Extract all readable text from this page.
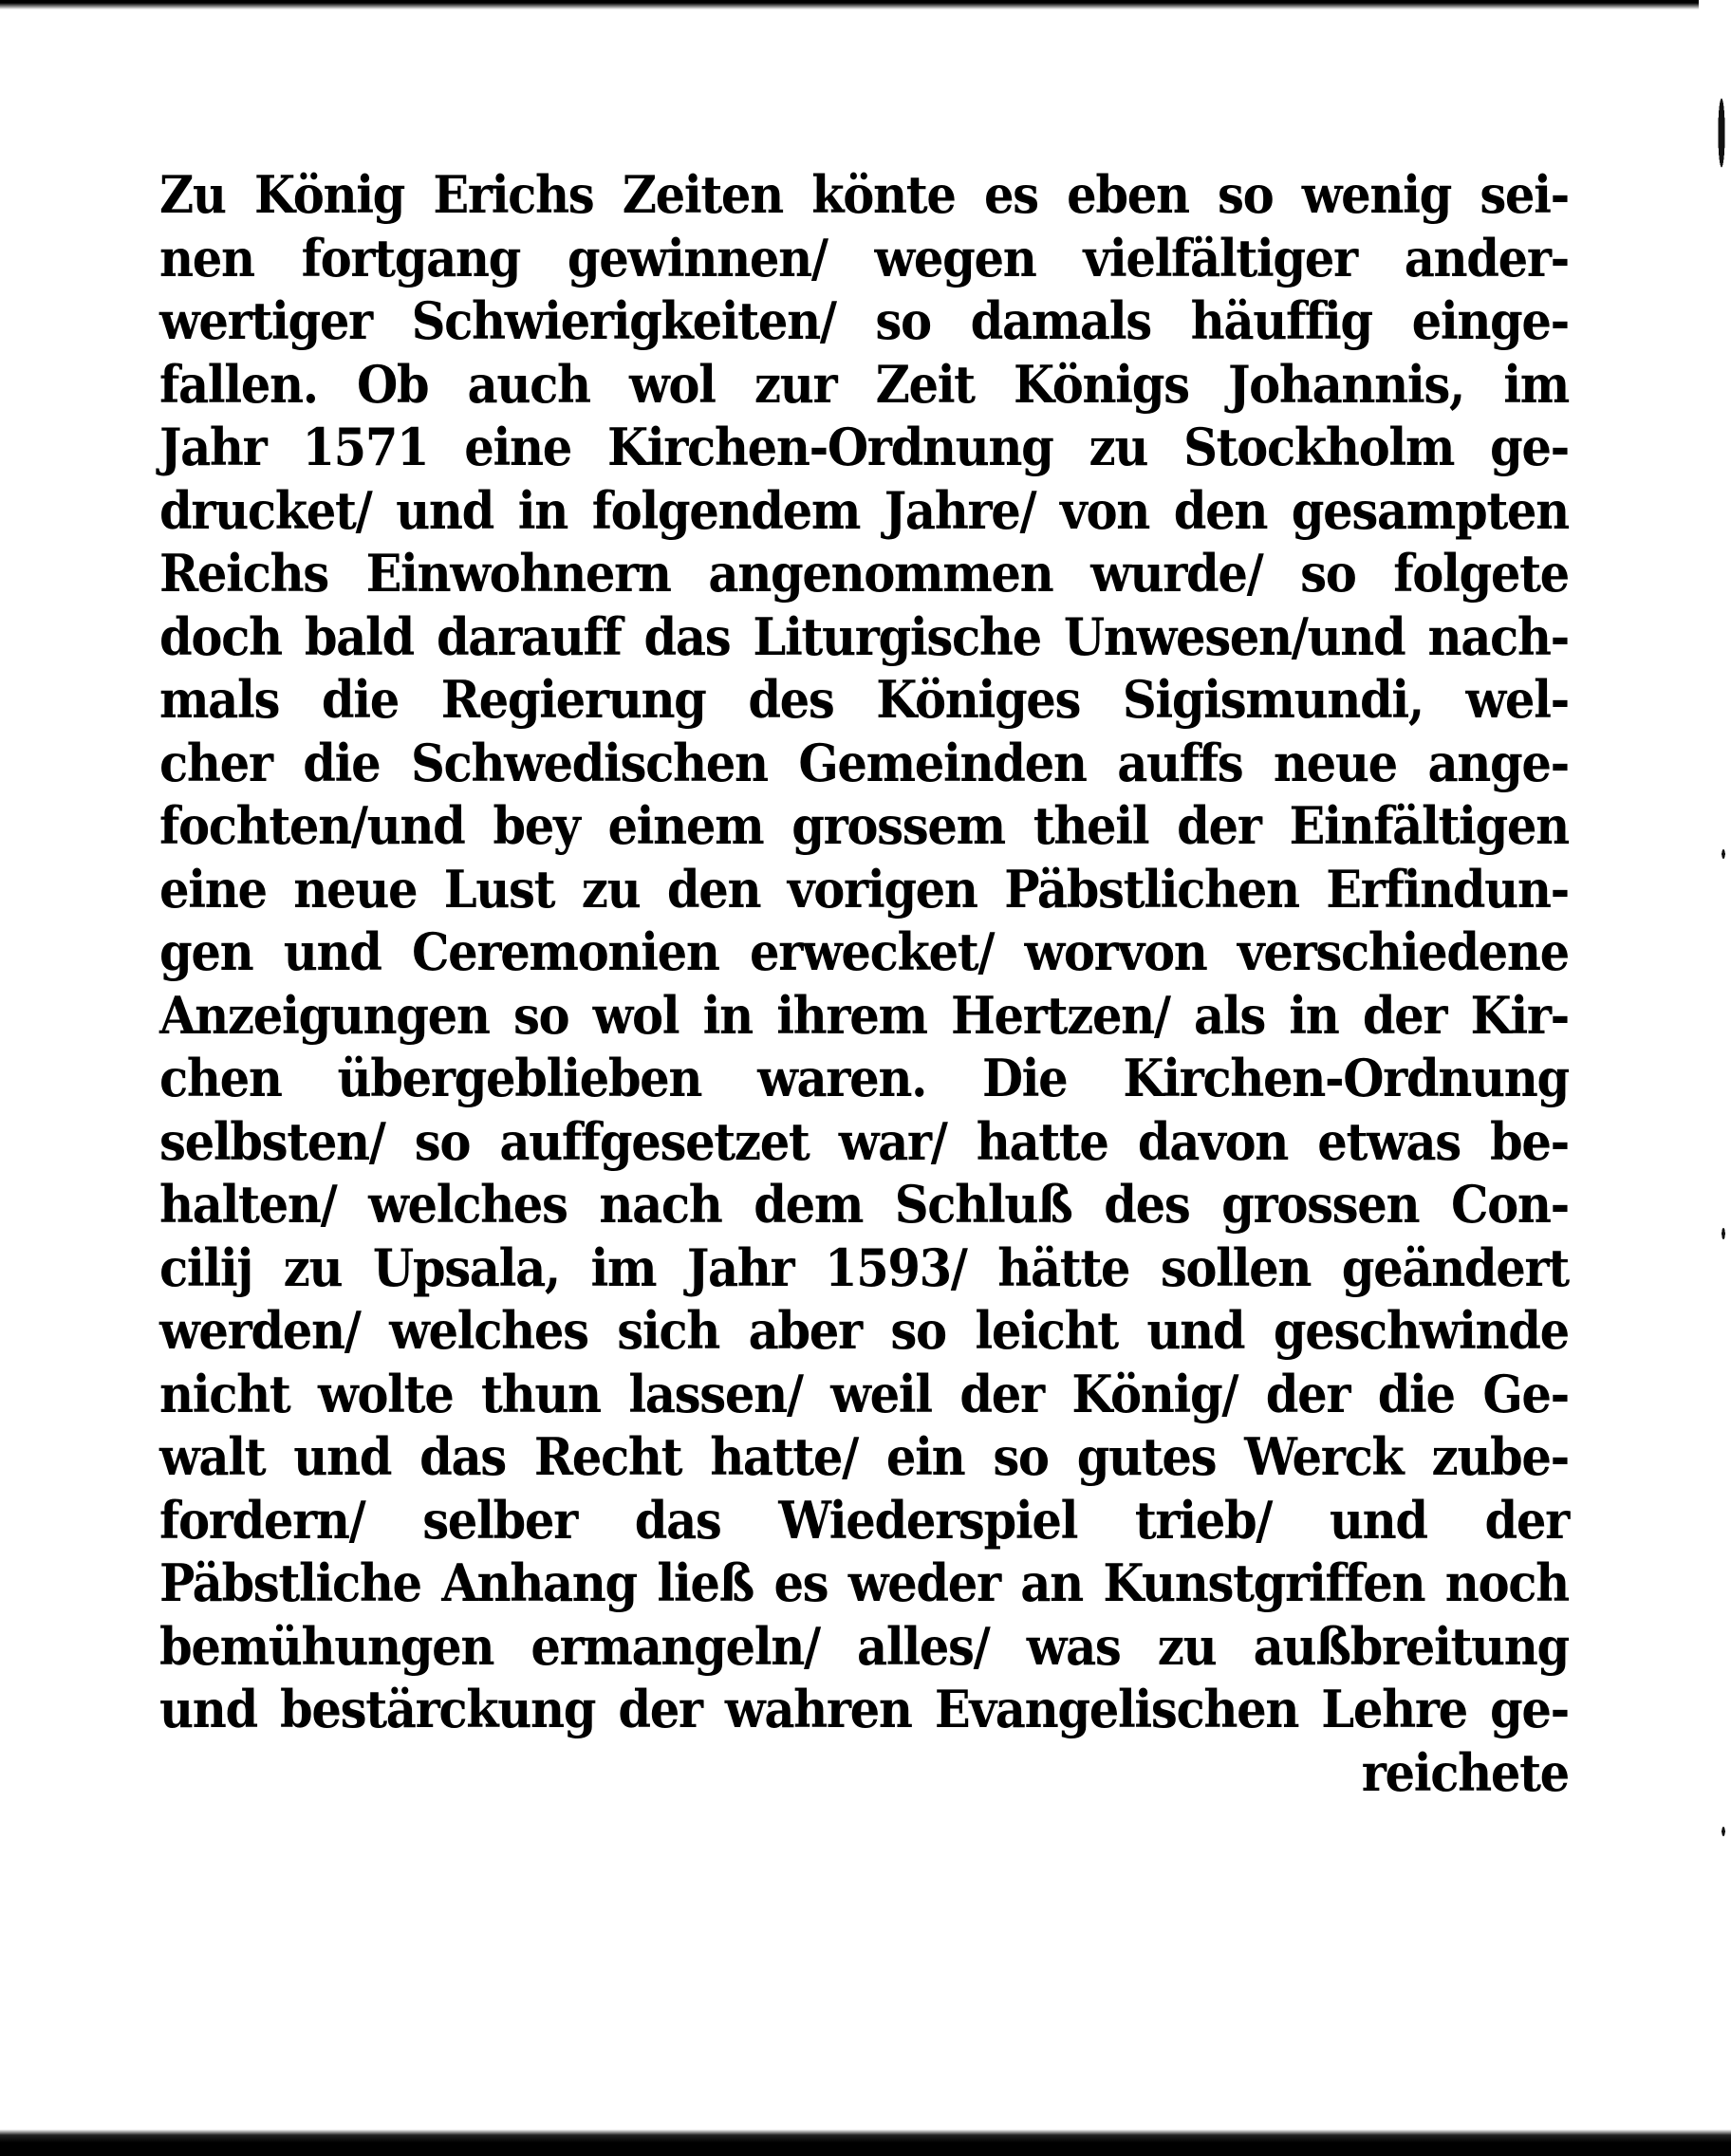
Zu König Erichs Zeiten könte es eben so wenig sei-
nen fortgang gewinnen/ wegen vielfältiger ander-
wertiger Schwierigkeiten/ so damals häuffig einge-
fallen. Ob auch wol zur Zeit Königs Johannis, im
Jahr 1571 eine Kirchen-Ordnung zu Stockholm ge-
drucket/ und in folgendem Jahre/ von den gesampten
Reichs Einwohnern angenommen wurde/ so folgete
doch bald darauff das Liturgische Unwesen/und nach-
mals die Regierung des Königes Sigismundi, wel-
cher die Schwedischen Gemeinden auffs neue ange-
fochten/und bey einem grossem theil der Einfältigen
eine neue Lust zu den vorigen Päbstlichen Erfindun-
gen und Ceremonien erwecket/ worvon verschiedene
Anzeigungen so wol in ihrem Hertzen/ als in der Kir-
chen übergeblieben waren. Die Kirchen-Ordnung
selbsten/ so auffgesetzet war/ hatte davon etwas be-
halten/ welches nach dem Schluß des grossen Con-
cilij zu Upsala, im Jahr 1593/ hätte sollen geändert
werden/ welches sich aber so leicht und geschwinde
nicht wolte thun lassen/ weil der König/ der die Ge-
walt und das Recht hatte/ ein so gutes Werck zube-
fordern/ selber das Wiederspiel trieb/ und der
Päbstliche Anhang ließ es weder an Kunstgriffen noch
bemühungen ermangeln/ alles/ was zu außbreitung
und bestärckung der wahren Evangelischen Lehre ge-
reichete
